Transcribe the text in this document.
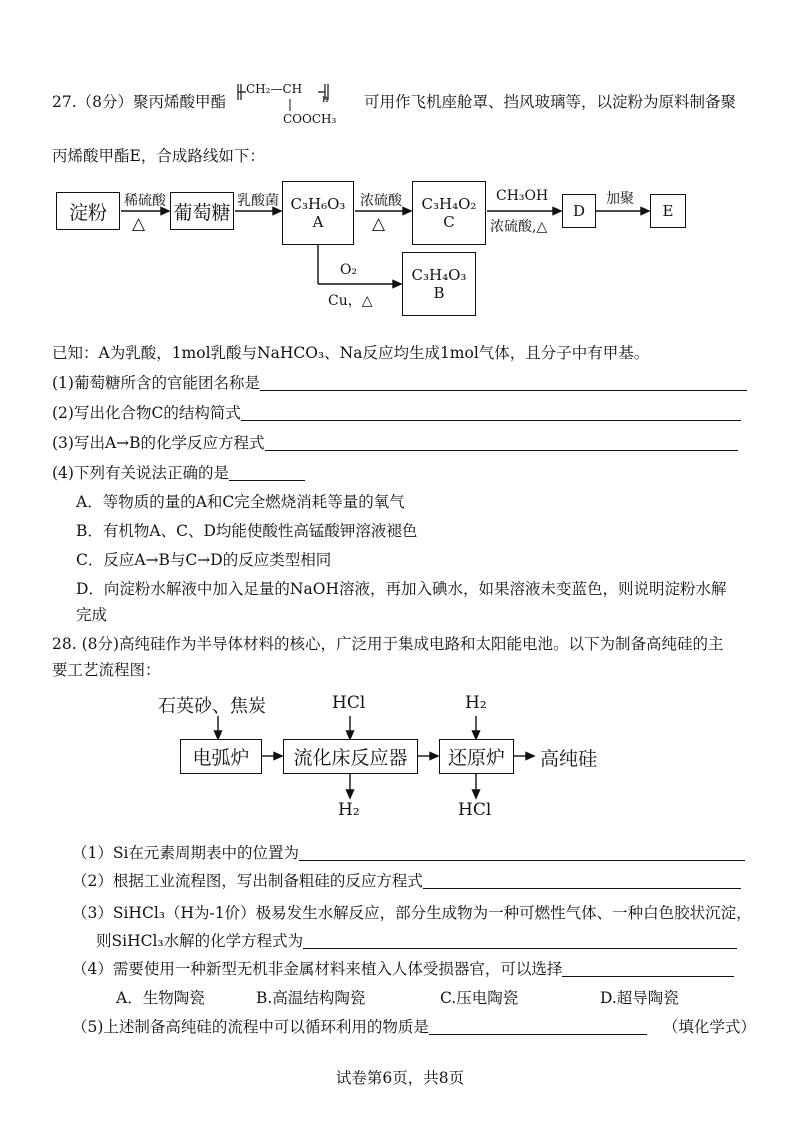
27.（8分）聚丙烯酸甲酯
CH₂—CH
n
COOCH₃
可用作飞机座舱罩、挡风玻璃等，以淀粉为原料制备聚
丙烯酸甲酯E，合成路线如下：
淀粉
稀硫酸
△
葡萄糖
乳酸菌 C₃H₆O₃
A
浓硫酸
△
C₃H₄O₂
C
CH₃OH
浓硫酸,△
D
加聚
E
O₂
Cu，△
C₃H₄O₃
B
已知：A为乳酸，1mol乳酸与NaHCO₃、Na反应均生成1mol气体，且分子中有甲基。
(1)葡萄糖所含的官能团名称是
(2)写出化合物C的结构简式
(3)写出A→B的化学反应方程式
(4)下列有关说法正确的是
A．等物质的量的A和C完全燃烧消耗等量的氧气
B．有机物A、C、D均能使酸性高锰酸钾溶液褪色
C．反应A→B与C→D的反应类型相同
D．向淀粉水解液中加入足量的NaOH溶液，再加入碘水，如果溶液未变蓝色，则说明淀粉水解
完成
28. (8分)高纯硅作为半导体材料的核心，广泛用于集成电路和太阳能电池。以下为制备高纯硅的主
要工艺流程图：
石英砂、焦炭	HCl	H₂
电弧炉 流化床反应器 还原炉 高纯硅
H₂	HCl
（1）Si在元素周期表中的位置为
（2）根据工业流程图，写出制备粗硅的反应方程式
（3）SiHCl₃（H为-1价）极易发生水解反应，部分生成物为一种可燃性气体、一种白色胶状沉淀，
则SiHCl₃水解的化学方程式为
（4）需要使用一种新型无机非金属材料来植入人体受损器官，可以选择
A．生物陶瓷	B.高温结构陶瓷	C.压电陶瓷	D.超导陶瓷
（5)上述制备高纯硅的流程中可以循环利用的物质是	（填化学式）
试卷第6页，共8页
